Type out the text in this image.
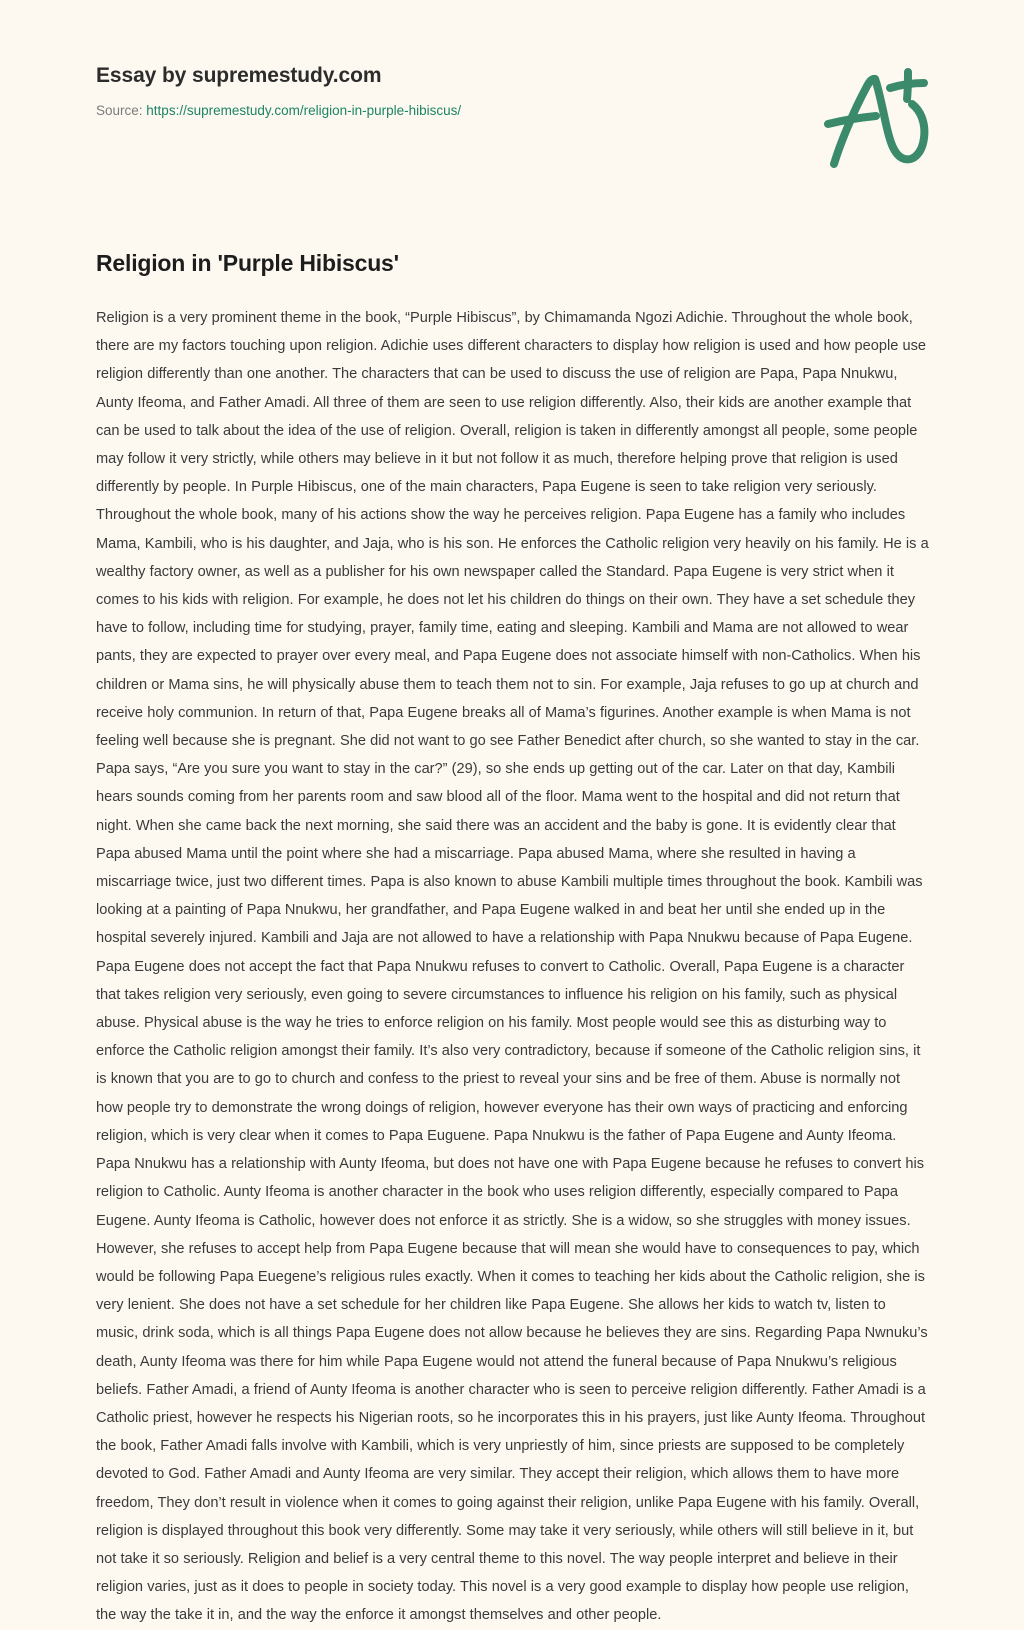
Essay by supremestudy.com
Source: https://supremestudy.com/religion-in-purple-hibiscus/
Religion in 'Purple Hibiscus'

Religion is a very prominent theme in the book, “Purple Hibiscus”, by Chimamanda Ngozi Adichie. Throughout the whole book, there are my factors touching upon religion. Adichie uses different characters to display how religion is used and how people use religion differently than one another. The characters that can be used to discuss the use of religion are Papa, Papa Nnukwu, Aunty Ifeoma, and Father Amadi. All three of them are seen to use religion differently. Also, their kids are another example that can be used to talk about the idea of the use of religion. Overall, religion is taken in differently amongst all people, some people may follow it very strictly, while others may believe in it but not follow it as much, therefore helping prove that religion is used differently by people. In Purple Hibiscus, one of the main characters, Papa Eugene is seen to take religion very seriously. Throughout the whole book, many of his actions show the way he perceives religion. Papa Eugene has a family who includes Mama, Kambili, who is his daughter, and Jaja, who is his son. He enforces the Catholic religion very heavily on his family. He is a wealthy factory owner, as well as a publisher for his own newspaper called the Standard. Papa Eugene is very strict when it comes to his kids with religion. For example, he does not let his children do things on their own. They have a set schedule they have to follow, including time for studying, prayer, family time, eating and sleeping. Kambili and Mama are not allowed to wear pants, they are expected to prayer over every meal, and Papa Eugene does not associate himself with non-Catholics. When his children or Mama sins, he will physically abuse them to teach them not to sin. For example, Jaja refuses to go up at church and receive holy communion. In return of that, Papa Eugene breaks all of Mama’s figurines. Another example is when Mama is not feeling well because she is pregnant. She did not want to go see Father Benedict after church, so she wanted to stay in the car. Papa says, “Are you sure you want to stay in the car?” (29), so she ends up getting out of the car. Later on that day, Kambili hears sounds coming from her parents room and saw blood all of the floor. Mama went to the hospital and did not return that night. When she came back the next morning, she said there was an accident and the baby is gone. It is evidently clear that Papa abused Mama until the point where she had a miscarriage. Papa abused Mama, where she resulted in having a miscarriage twice, just two different times. Papa is also known to abuse Kambili multiple times throughout the book. Kambili was looking at a painting of Papa Nnukwu, her grandfather, and Papa Eugene walked in and beat her until she ended up in the hospital severely injured. Kambili and Jaja are not allowed to have a relationship with Papa Nnukwu because of Papa Eugene. Papa Eugene does not accept the fact that Papa Nnukwu refuses to convert to Catholic. Overall, Papa Eugene is a character that takes religion very seriously, even going to severe circumstances to influence his religion on his family, such as physical abuse. Physical abuse is the way he tries to enforce religion on his family. Most people would see this as disturbing way to enforce the Catholic religion amongst their family. It’s also very contradictory, because if someone of the Catholic religion sins, it is known that you are to go to church and confess to the priest to reveal your sins and be free of them. Abuse is normally not how people try to demonstrate the wrong doings of religion, however everyone has their own ways of practicing and enforcing religion, which is very clear when it comes to Papa Euguene. Papa Nnukwu is the father of Papa Eugene and Aunty Ifeoma. Papa Nnukwu has a relationship with Aunty Ifeoma, but does not have one with Papa Eugene because he refuses to convert his religion to Catholic. Aunty Ifeoma is another character in the book who uses religion differently, especially compared to Papa Eugene. Aunty Ifeoma is Catholic, however does not enforce it as strictly. She is a widow, so she struggles with money issues. However, she refuses to accept help from Papa Eugene because that will mean she would have to consequences to pay, which would be following Papa Euegene’s religious rules exactly. When it comes to teaching her kids about the Catholic religion, she is very lenient. She does not have a set schedule for her children like Papa Eugene. She allows her kids to watch tv, listen to music, drink soda, which is all things Papa Eugene does not allow because he believes they are sins. Regarding Papa Nwnuku’s death, Aunty Ifeoma was there for him while Papa Eugene would not attend the funeral because of Papa Nnukwu’s religious beliefs. Father Amadi, a friend of Aunty Ifeoma is another character who is seen to perceive religion differently. Father Amadi is a Catholic priest, however he respects his Nigerian roots, so he incorporates this in his prayers, just like Aunty Ifeoma. Throughout the book, Father Amadi falls involve with Kambili, which is very unpriestly of him, since priests are supposed to be completely devoted to God. Father Amadi and Aunty Ifeoma are very similar. They accept their religion, which allows them to have more freedom, They don’t result in violence when it comes to going against their religion, unlike Papa Eugene with his family. Overall, religion is displayed throughout this book very differently. Some may take it very seriously, while others will still believe in it, but not take it so seriously. Religion and belief is a very central theme to this novel. The way people interpret and believe in their religion varies, just as it does to people in society today. This novel is a very good example to display how people use religion, the way the take it in, and the way the enforce it amongst themselves and other people.
